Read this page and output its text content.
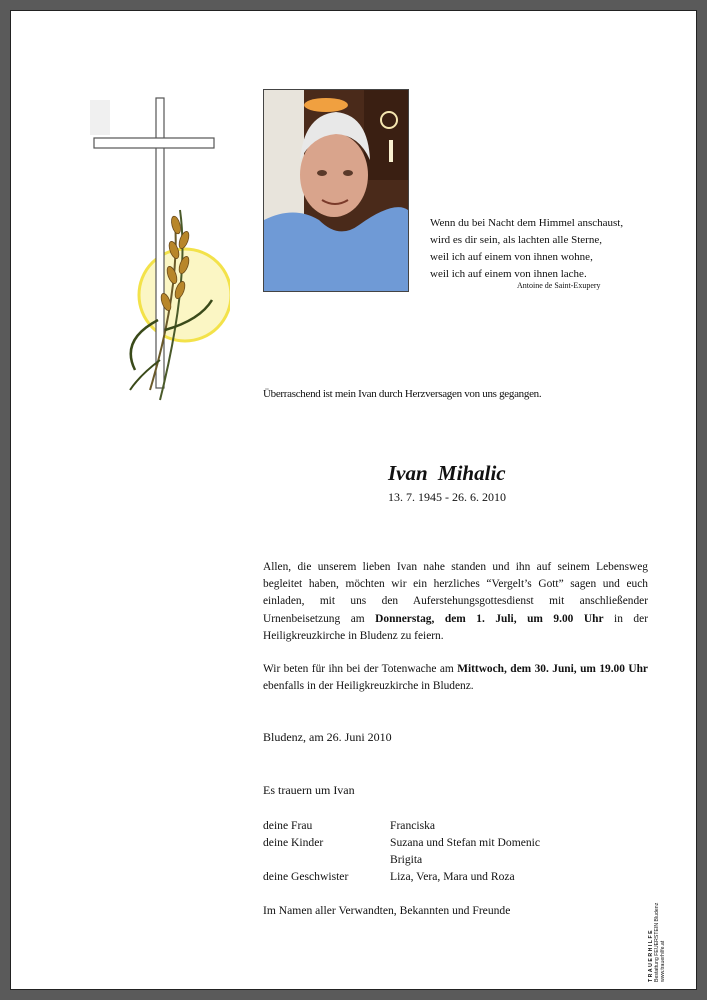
Wenn du bei Nacht dem Himmel anschaust,
wird es dir sein, als lachten alle Sterne,
weil ich auf einem von ihnen wohne,
weil ich auf einem von ihnen lache.
Antoine de Saint-Exupery
Überraschend ist mein Ivan durch Herzversagen von uns gegangen.
Ivan Mihalic
13. 7. 1945 - 26. 6. 2010
Allen, die unserem lieben Ivan nahe standen und ihn auf seinem Lebensweg begleitet haben, möchten wir ein herzliches “Vergelt’s Gott” sagen und euch einladen, mit uns den Auferstehungsgottesdienst mit anschließender Urnenbeisetzung am Donnerstag, dem 1. Juli, um 9.00 Uhr in der Heiligkreuzkirche in Bludenz zu feiern.
Wir beten für ihn bei der Totenwache am Mittwoch, dem 30. Juni, um 19.00 Uhr ebenfalls in der Heiligkreuzkirche in Bludenz.
Bludenz, am 26. Juni 2010
Es trauern um Ivan
deine Frau	Franciska
deine Kinder	Suzana und Stefan mit Domenic
Brigita
deine Geschwister	Liza, Vera, Mara und Roza
Im Namen aller Verwandten, Bekannten und Freunde
TRAUERHILFE Bestattung FEUERSTEIN Bludenz www.trauerhilfe.at
